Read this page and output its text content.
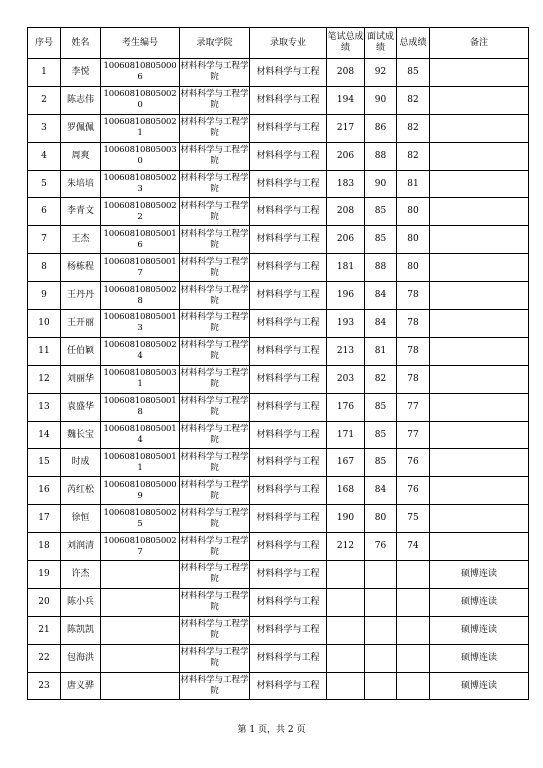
序号	姓名	考生编号	录取学院	录取专业	笔试总成绩	面试成绩	总成绩	备注
1	李悦	100608108050006	材料科学与工程学院	材料科学与工程	208	92	85	
2	陈志伟	100608108050020	材料科学与工程学院	材料科学与工程	194	90	82	
3	罗佩佩	100608108050021	材料科学与工程学院	材料科学与工程	217	86	82	
4	周爽	100608108050030	材料科学与工程学院	材料科学与工程	206	88	82	
5	朱培培	100608108050023	材料科学与工程学院	材料科学与工程	183	90	81	
6	李青文	100608108050022	材料科学与工程学院	材料科学与工程	208	85	80	
7	王杰	100608108050016	材料科学与工程学院	材料科学与工程	206	85	80	
8	杨栋程	100608108050017	材料科学与工程学院	材料科学与工程	181	88	80	
9	王丹丹	100608108050028	材料科学与工程学院	材料科学与工程	196	84	78	
10	王开丽	100608108050013	材料科学与工程学院	材料科学与工程	193	84	78	
11	任伯颖	100608108050024	材料科学与工程学院	材料科学与工程	213	81	78	
12	刘丽华	100608108050031	材料科学与工程学院	材料科学与工程	203	82	78	
13	袁盛华	100608108050018	材料科学与工程学院	材料科学与工程	176	85	77	
14	魏长宝	100608108050014	材料科学与工程学院	材料科学与工程	171	85	77	
15	时成	100608108050011	材料科学与工程学院	材料科学与工程	167	85	76	
16	芮红松	100608108050009	材料科学与工程学院	材料科学与工程	168	84	76	
17	徐恒	100608108050025	材料科学与工程学院	材料科学与工程	190	80	75	
18	刘润清	100608108050027	材料科学与工程学院	材料科学与工程	212	76	74	
19	许杰		材料科学与工程学院	材料科学与工程				硕博连读
20	陈小兵		材料科学与工程学院	材料科学与工程				硕博连读
21	陈凯凯		材料科学与工程学院	材料科学与工程				硕博连读
22	包海洪		材料科学与工程学院	材料科学与工程				硕博连读
23	唐义骅		材料科学与工程学院	材料科学与工程				硕博连读
第 1 页，共 2 页
